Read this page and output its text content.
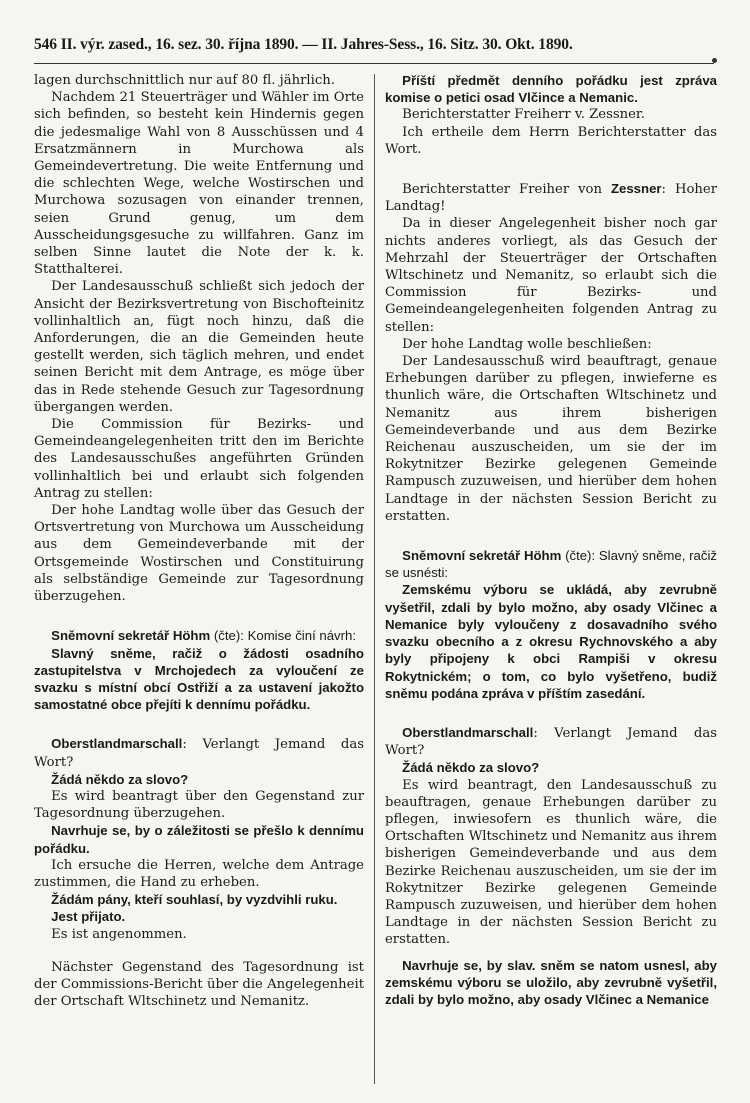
546 II. výr. zased., 16. sez. 30. října 1890. — II. Jahres-Sess., 16. Sitz. 30. Okt. 1890.

lagen durchschnittlich nur auf 80 fl. jährlich.

Nachdem 21 Steuerträger und Wähler im Orte sich befinden, so besteht kein Hindernis gegen die jedesmalige Wahl von 8 Ausschüssen und 4 Ersatzmännern in Murchowa als Gemeindevertretung. Die weite Entfernung und die schlechten Wege, welche Wostirschen und Murchowa sozusagen von einander trennen, seien Grund genug, um dem Ausscheidungsgesuche zu willfahren. Ganz im selben Sinne lautet die Note der k. k. Statthalterei.

Der Landesausschuß schließt sich jedoch der Ansicht der Bezirksvertretung von Bischofteinitz vollinhaltlich an, fügt noch hinzu, daß die Anforderungen, die an die Gemeinden heute gestellt werden, sich täglich mehren, und endet seinen Bericht mit dem Antrage, es möge über das in Rede stehende Gesuch zur Tagesordnung übergangen werden.

Die Commission für Bezirks- und Gemeindeangelegenheiten tritt den im Berichte des Landesausschußes angeführten Gründen vollinhaltlich bei und erlaubt sich folgenden Antrag zu stellen:

Der hohe Landtag wolle über das Gesuch der Ortsvertretung von Murchowa um Ausscheidung aus dem Gemeindeverbande mit der Ortsgemeinde Wostirschen und Constituirung als selbständige Gemeinde zur Tagesordnung überzugehen.

Sněmovní sekretář Höhm (čte): Komise činí návrh:

Slavný sněme, račiž o žádosti osadního zastupitelstva v Mrchojedech za vyloučení ze svazku s místní obcí Ostřiží a za ustavení jakožto samostatné obce přejíti k dennímu pořádku.

Oberstlandmarschall: Verlangt Jemand das Wort?

Žádá někdo za slovo?

Es wird beantragt über den Gegenstand zur Tagesordnung überzugehen.

Navrhuje se, by o záležitosti se přešlo k dennímu pořádku.

Ich ersuche die Herren, welche dem Antrage zustimmen, die Hand zu erheben.

Žádám pány, kteří souhlasí, by vyzdvihli ruku.

Jest přijato.

Es ist angenommen.

Nächster Gegenstand des Tagesordnung ist der Commissions-Bericht über die Angelegenheit der Ortschaft Wltschinetz und Nemanitz.

Příští předmět denního pořádku jest zpráva komise o petici osad Vlčince a Nemanic.

Berichterstatter Freiherr v. Zessner.

Ich ertheile dem Herrn Berichterstatter das Wort.

Berichterstatter Freiher von Zessner: Hoher Landtag!

Da in dieser Angelegenheit bisher noch gar nichts anderes vorliegt, als das Gesuch der Mehrzahl der Steuerträger der Ortschaften Wltschinetz und Nemanitz, so erlaubt sich die Commission für Bezirks- und Gemeindeangelegenheiten folgenden Antrag zu stellen:

Der hohe Landtag wolle beschließen:

Der Landesausschuß wird beauftragt, genaue Erhebungen darüber zu pflegen, inwieferne es thunlich wäre, die Ortschaften Wltschinetz und Nemanitz aus ihrem bisherigen Gemeindeverbande und aus dem Bezirke Reichenau auszuscheiden, um sie der im Rokytnitzer Bezirke gelegenen Gemeinde Rampusch zuzuweisen, und hierüber dem hohen Landtage in der nächsten Session Bericht zu erstatten.

Sněmovní sekretář Höhm (čte): Slavný sněme, račiž se usnésti:

Zemskému výboru se ukládá, aby zevrubně vyšetřil, zdali by bylo možno, aby osady Vlčinec a Nemanice byly vyloučeny z dosavadního svého svazku obecního a z okresu Rychnovského a aby byly připojeny k obci Rampiši v okresu Rokytnickém; o tom, co bylo vyšetřeno, budiž sněmu podána zpráva v příštím zasedání.

Oberstlandmarschall: Verlangt Jemand das Wort?

Žádá někdo za slovo?

Es wird beantragt, den Landesausschuß zu beauftragen, genaue Erhebungen darüber zu pflegen, inwiesofern es thunlich wäre, die Ortschaften Wltschinetz und Nemanitz aus ihrem bisherigen Gemeindeverbande und aus dem Bezirke Reichenau auszuscheiden, um sie der im Rokytnitzer Bezirke gelegenen Gemeinde Rampusch zuzuweisen, und hierüber dem hohen Landtage in der nächsten Session Bericht zu erstatten.

Navrhuje se, by slav. sněm se natom usnesl, aby zemskému výboru se uložilo, aby zevrubně vyšetřil, zdali by bylo možno, aby osady Vlčinec a Nemanice
